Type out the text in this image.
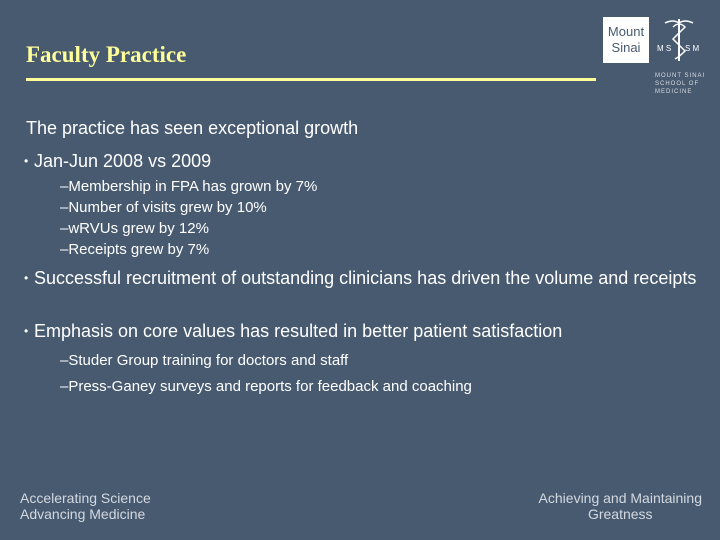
Faculty Practice
Mount
Sinai	M S S M
MOUNT SINAI
SCHOOL OF
MEDICINE
The practice has seen exceptional growth
• Jan-Jun 2008 vs 2009
–Membership in FPA has grown by 7%
–Number of visits grew by 10%
–wRVUs grew by 12%
–Receipts grew by 7%
• Successful recruitment of outstanding clinicians has driven the volume and receipts
• Emphasis on core values has resulted in better patient satisfaction
–Studer Group training for doctors and staff
–Press-Ganey surveys and reports for feedback and coaching
Accelerating Science
Advancing Medicine
Achieving and Maintaining
Greatness
